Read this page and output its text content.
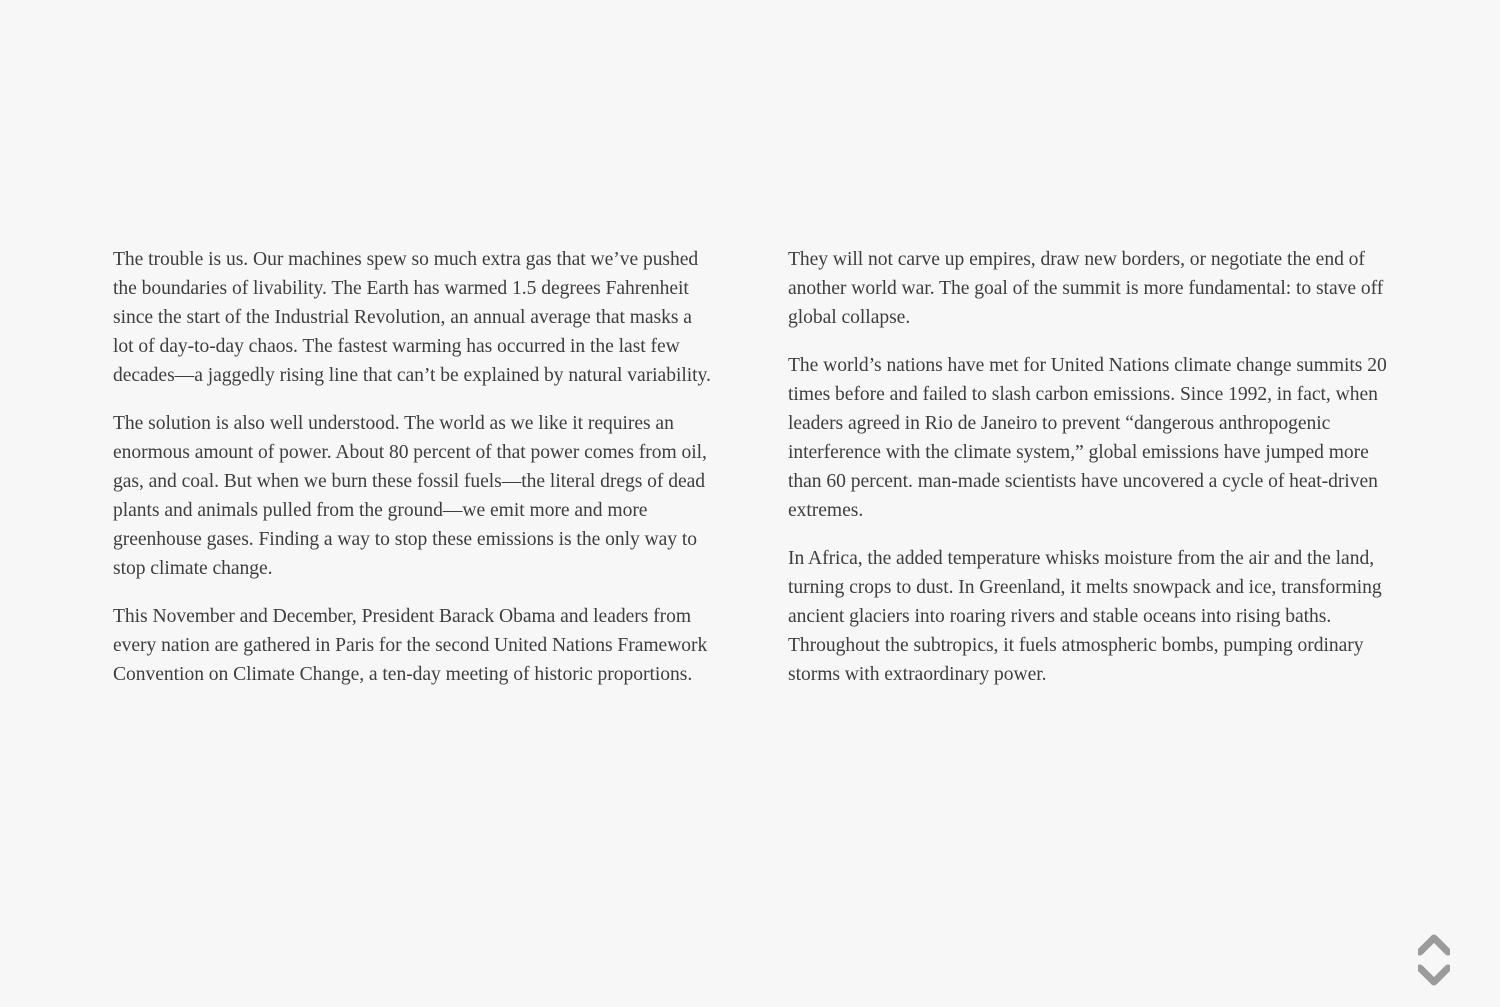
The trouble is us. Our machines spew so much extra gas that we’ve pushed the boundaries of livability. The Earth has warmed 1.5 degrees Fahrenheit since the start of the Industrial Revolution, an annual average that masks a lot of day-to-day chaos. The fastest warming has occurred in the last few decades—a jaggedly rising line that can’t be explained by natural variability.

The solution is also well understood. The world as we like it requires an enormous amount of power. About 80 percent of that power comes from oil, gas, and coal. But when we burn these fossil fuels—the literal dregs of dead plants and animals pulled from the ground—we emit more and more greenhouse gases. Finding a way to stop these emissions is the only way to stop climate change.

This November and December, President Barack Obama and leaders from every nation are gathered in Paris for the second United Nations Framework Convention on Climate Change, a ten-day meeting of historic proportions.

They will not carve up empires, draw new borders, or negotiate the end of another world war. The goal of the summit is more fundamental: to stave off global collapse.

The world’s nations have met for United Nations climate change summits 20 times before and failed to slash carbon emissions. Since 1992, in fact, when leaders agreed in Rio de Janeiro to prevent “dangerous anthropogenic interference with the climate system,” global emissions have jumped more than 60 percent. man-made scientists have uncovered a cycle of heat-driven extremes.

In Africa, the added temperature whisks moisture from the air and the land, turning crops to dust. In Greenland, it melts snowpack and ice, transforming ancient glaciers into roaring rivers and stable oceans into rising baths. Throughout the subtropics, it fuels atmospheric bombs, pumping ordinary storms with extraordinary power.
